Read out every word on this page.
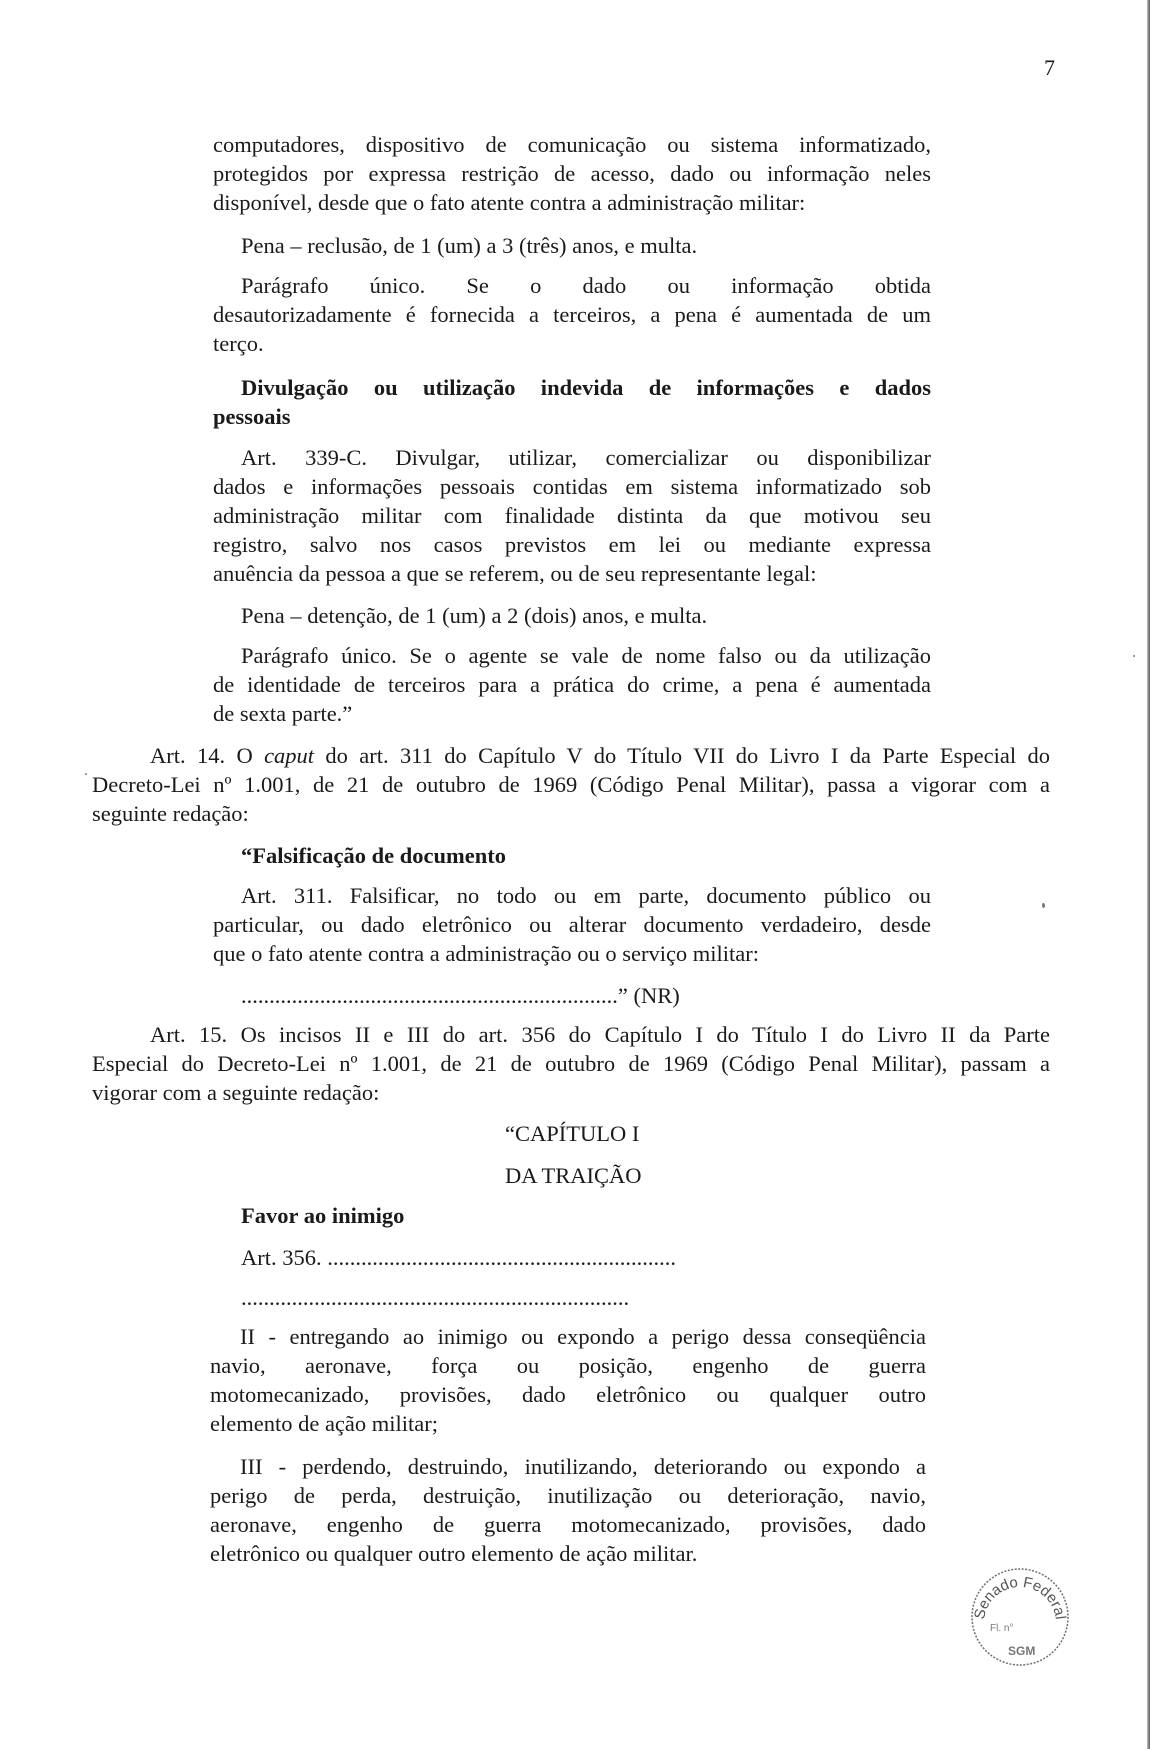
7
computadores, dispositivo de comunicação ou sistema informatizado,
protegidos por expressa restrição de acesso, dado ou informação neles
disponível, desde que o fato atente contra a administração militar:
Pena – reclusão, de 1 (um) a 3 (três) anos, e multa.
Parágrafo único. Se o dado ou informação obtida
desautorizadamente é fornecida a terceiros, a pena é aumentada de um
terço.
Divulgação ou utilização indevida de informações e dados
pessoais
Art. 339-C. Divulgar, utilizar, comercializar ou disponibilizar
dados e informações pessoais contidas em sistema informatizado sob
administração militar com finalidade distinta da que motivou seu
registro, salvo nos casos previstos em lei ou mediante expressa
anuência da pessoa a que se referem, ou de seu representante legal:
Pena – detenção, de 1 (um) a 2 (dois) anos, e multa.
Parágrafo único. Se o agente se vale de nome falso ou da utilização
de identidade de terceiros para a prática do crime, a pena é aumentada
de sexta parte.”
Art. 14. O caput do art. 311 do Capítulo V do Título VII do Livro I da Parte Especial do
Decreto-Lei nº 1.001, de 21 de outubro de 1969 (Código Penal Militar), passa a vigorar com a
seguinte redação:
“Falsificação de documento
Art. 311. Falsificar, no todo ou em parte, documento público ou
particular, ou dado eletrônico ou alterar documento verdadeiro, desde
que o fato atente contra a administração ou o serviço militar:
...................................................................” (NR)
Art. 15. Os incisos II e III do art. 356 do Capítulo I do Título I do Livro II da Parte
Especial do Decreto-Lei nº 1.001, de 21 de outubro de 1969 (Código Penal Militar), passam a
vigorar com a seguinte redação:
“CAPÍTULO I
DA TRAIÇÃO
Favor ao inimigo
Art. 356. ..............................................................
.....................................................................
II - entregando ao inimigo ou expondo a perigo dessa conseqüência
navio, aeronave, força ou posição, engenho de guerra
motomecanizado, provisões, dado eletrônico ou qualquer outro
elemento de ação militar;
III - perdendo, destruindo, inutilizando, deteriorando ou expondo a
perigo de perda, destruição, inutilização ou deterioração, navio,
aeronave, engenho de guerra motomecanizado, provisões, dado
eletrônico ou qualquer outro elemento de ação militar.
Senado Federal
Fl. n°
SGM
